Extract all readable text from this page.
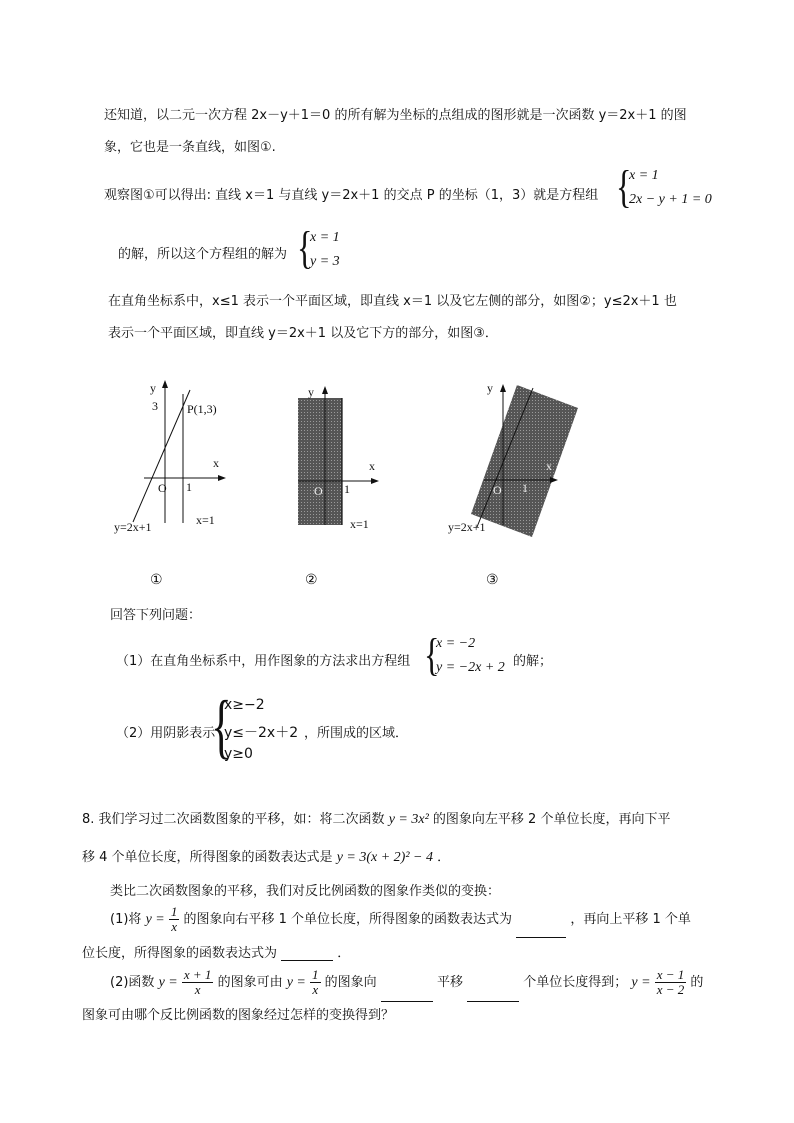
还知道，以二元一次方程 2x－y＋1＝0 的所有解为坐标的点组成的图形就是一次函数 y＝2x＋1 的图
象，它也是一条直线，如图①.
观察图①可以得出: 直线 x＝1 与直线 y＝2x＋1 的交点 P 的坐标（1，3）就是方程组 {
x = 1
2x − y + 1 = 0
的解，所以这个方程组的解为 {
x = 1
y = 3
在直角坐标系中，x≤1 表示一个平面区域，即直线 x＝1 以及它左侧的部分，如图②；y≤2x＋1 也
表示一个平面区域，即直线 y＝2x＋1 以及它下方的部分，如图③．
y
x
O 1
3 P(1,3)
y=2x+1	x=1
①
y
x
O 1
x=1
②
y
x
O 1
y=2x+1
③
回答下列问题：
（1）在直角坐标系中，用作图象的方法求出方程组 {
x = −2
y = −2x + 2 的解；
（2）用阴影表示
{
x≥−2
y≤－2x＋2
y≥0
，所围成的区域．
8. 我们学习过二次函数图象的平移，如：将二次函数 y = 3x² 的图象向左平移 2 个单位长度，再向下平
移 4 个单位长度，所得图象的函数表达式是 y = 3(x + 2)² − 4 ．
类比二次函数图象的平移，我们对反比例函数的图象作类似的变换：
(1)将 $y = \frac{1}{x}$ 的图象向右平移 1 个单位长度，所得图象的函数表达式为	，再向上平移 1 个单
位长度，所得图象的函数表达式为	．
(2)函数 $y = \frac{x + 1}{x}$ 的图象可由 $y = \frac{1}{x}$ 的图象向	平移	个单位长度得到； $y = \frac{x - 1}{x - 2}$ 的
图象可由哪个反比例函数的图象经过怎样的变换得到？
